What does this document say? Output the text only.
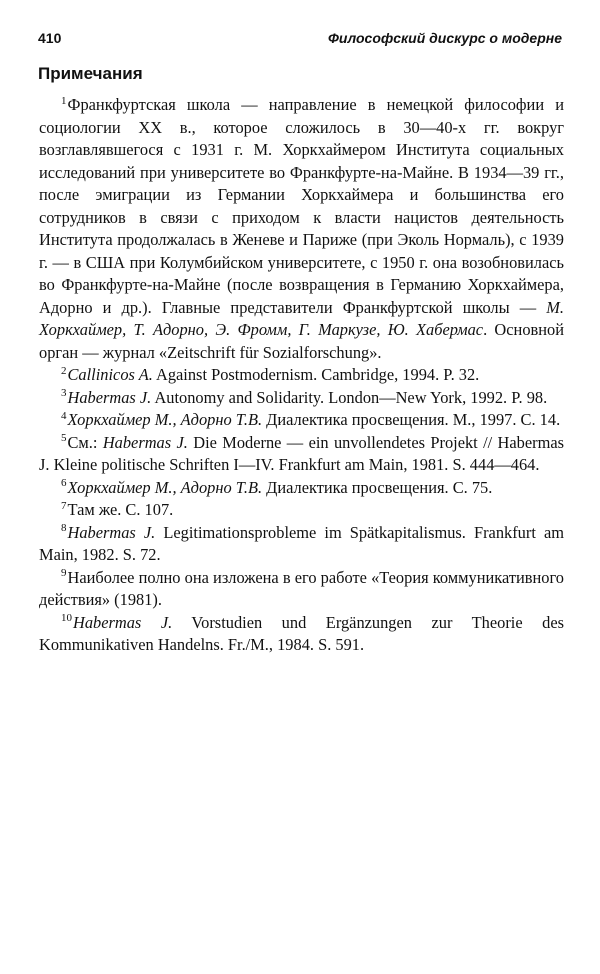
410	Философский дискурс о модерне
Примечания

$^1$Франкфуртская школа — направление в немецкой философии и социологии XX в., которое сложилось в 30—40-х гг. вокруг возглавлявшегося с 1931 г. М. Хоркхаймером Института социальных исследований при университете во Франкфурте-на-Майне. В 1934—39 гг., после эмиграции из Германии Хоркхаймера и большинства его сотрудников в связи с приходом к власти нацистов деятельность Института продолжалась в Женеве и Париже (при Эколь Нормаль), с 1939 г. — в США при Колумбийском университете, с 1950 г. она возобновилась во Франкфурте-на-Майне (после возвращения в Германию Хоркхаймера, Адорно и др.). Главные представители Франкфуртской школы — М. Хоркхаймер, Т. Адорно, Э. Фромм, Г. Маркузе, Ю. Хабермас. Основной орган — журнал «Zeitschrift für Sozialforschung».

$^2$Callinicos A. Against Postmodernism. Cambridge, 1994. P. 32.

$^3$Habermas J. Autonomy and Solidarity. London—New York, 1992. P. 98.

$^4$Хоркхаймер М., Адорно Т.В. Диалектика просвещения. М., 1997. С. 14.

$^5$См.: Habermas J. Die Moderne — ein unvollendetes Projekt // Habermas J. Kleine politische Schriften I—IV. Frankfurt am Main, 1981. S. 444—464.

$^6$Хоркхаймер М., Адорно Т.В. Диалектика просвещения. С. 75.

$^7$Там же. С. 107.

$^8$Habermas J. Legitimationsprobleme im Spätkapitalismus. Frankfurt am Main, 1982. S. 72.

$^9$Наиболее полно она изложена в его работе «Теория коммуникативного действия» (1981).

$^{10}$Habermas J. Vorstudien und Ergänzungen zur Theorie des Kommunikativen Handelns. Fr./M., 1984. S. 591.
